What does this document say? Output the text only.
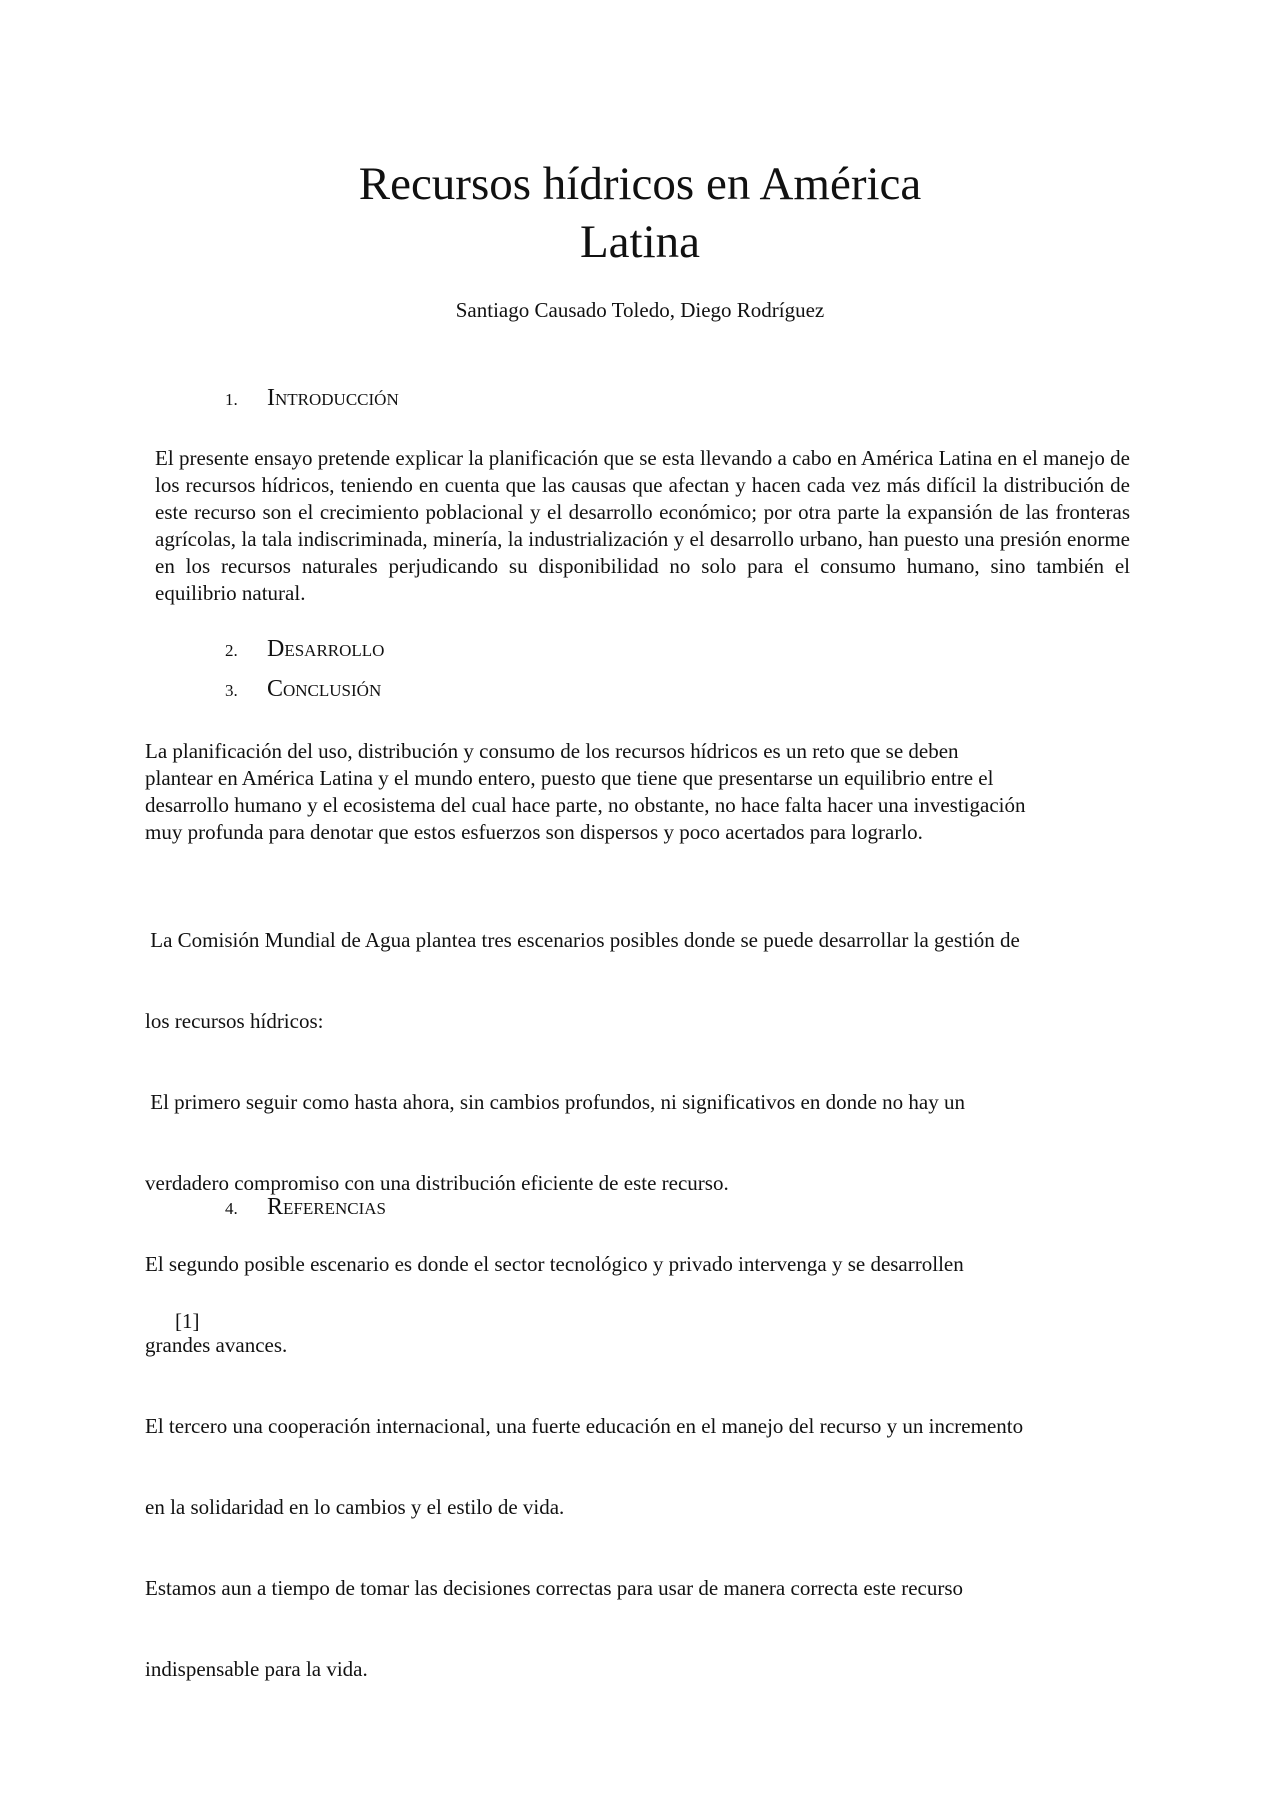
Recursos hídricos en América
Latina
Santiago Causado Toledo, Diego Rodríguez
1. Introducción

El presente ensayo pretende explicar la planificación que se esta llevando a cabo en América Latina en el manejo de los recursos hídricos, teniendo en cuenta que las causas que afectan y hacen cada vez más difícil la distribución de este recurso son el crecimiento poblacional y el desarrollo económico; por otra parte la expansión de las fronteras agrícolas, la tala indiscriminada, minería, la industrialización y el desarrollo urbano, han puesto una presión enorme en los recursos naturales perjudicando su disponibilidad no solo para el consumo humano, sino también el equilibrio natural.

2. Desarrollo
3. Conclusión
La planificación del uso, distribución y consumo de los recursos hídricos es un reto que se deben
plantear en América Latina y el mundo entero, puesto que tiene que presentarse un equilibrio entre el
desarrollo humano y el ecosistema del cual hace parte, no obstante, no hace falta hacer una investigación
muy profunda para denotar que estos esfuerzos son dispersos y poco acertados para lograrlo.

La Comisión Mundial de Agua plantea tres escenarios posibles donde se puede desarrollar la gestión de

los recursos hídricos:

El primero seguir como hasta ahora, sin cambios profundos, ni significativos en donde no hay un

verdadero compromiso con una distribución eficiente de este recurso.

El segundo posible escenario es donde el sector tecnológico y privado intervenga y se desarrollen

grandes avances.

El tercero una cooperación internacional, una fuerte educación en el manejo del recurso y un incremento

en la solidaridad en lo cambios y el estilo de vida.

Estamos aun a tiempo de tomar las decisiones correctas para usar de manera correcta este recurso

indispensable para la vida.

4. Referencias
[1]
